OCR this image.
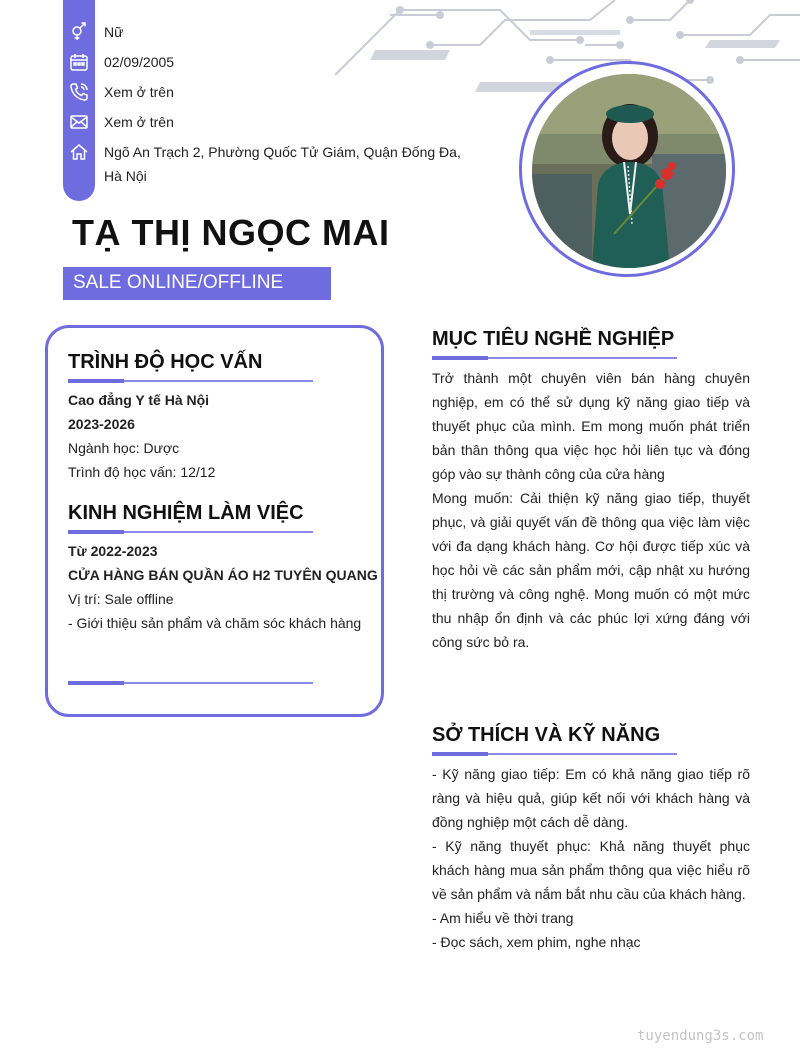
Nữ
02/09/2005
Xem ở trên
Xem ở trên
Ngõ An Trạch 2, Phường Quốc Tử Giám, Quận Đống Đa, Hà Nội
TẠ THỊ NGỌC MAI
SALE ONLINE/OFFLINE
TRÌNH ĐỘ HỌC VẤN
Cao đẳng Y tế Hà Nội
2023-2026
Ngành học: Dược
Trình độ học vấn: 12/12
KINH NGHIỆM LÀM VIỆC
Từ 2022-2023
CỬA HÀNG BÁN QUẦN ÁO H2 TUYÊN QUANG
Vị trí: Sale offline
- Giới thiệu sản phẩm và chăm sóc khách hàng
MỤC TIÊU NGHỀ NGHIỆP

Trở thành một chuyên viên bán hàng chuyên nghiệp, em có thể sử dụng kỹ năng giao tiếp và thuyết phục của mình. Em mong muốn phát triển bản thân thông qua việc học hỏi liên tục và đóng góp vào sự thành công của cửa hàng

Mong muốn: Cải thiện kỹ năng giao tiếp, thuyết phục, và giải quyết vấn đề thông qua việc làm việc với đa dạng khách hàng. Cơ hội được tiếp xúc và học hỏi về các sản phẩm mới, cập nhật xu hướng thị trường và công nghệ. Mong muốn có một mức thu nhập ổn định và các phúc lợi xứng đáng với công sức bỏ ra.

SỞ THÍCH VÀ KỸ NĂNG

- Kỹ năng giao tiếp: Em có khả năng giao tiếp rõ ràng và hiệu quả, giúp kết nối với khách hàng và đồng nghiệp một cách dễ dàng.

- Kỹ năng thuyết phục: Khả năng thuyết phục khách hàng mua sản phẩm thông qua việc hiểu rõ về sản phẩm và nắm bắt nhu cầu của khách hàng.

- Am hiểu về thời trang

- Đọc sách, xem phim, nghe nhạc

tuyendung3s.com
